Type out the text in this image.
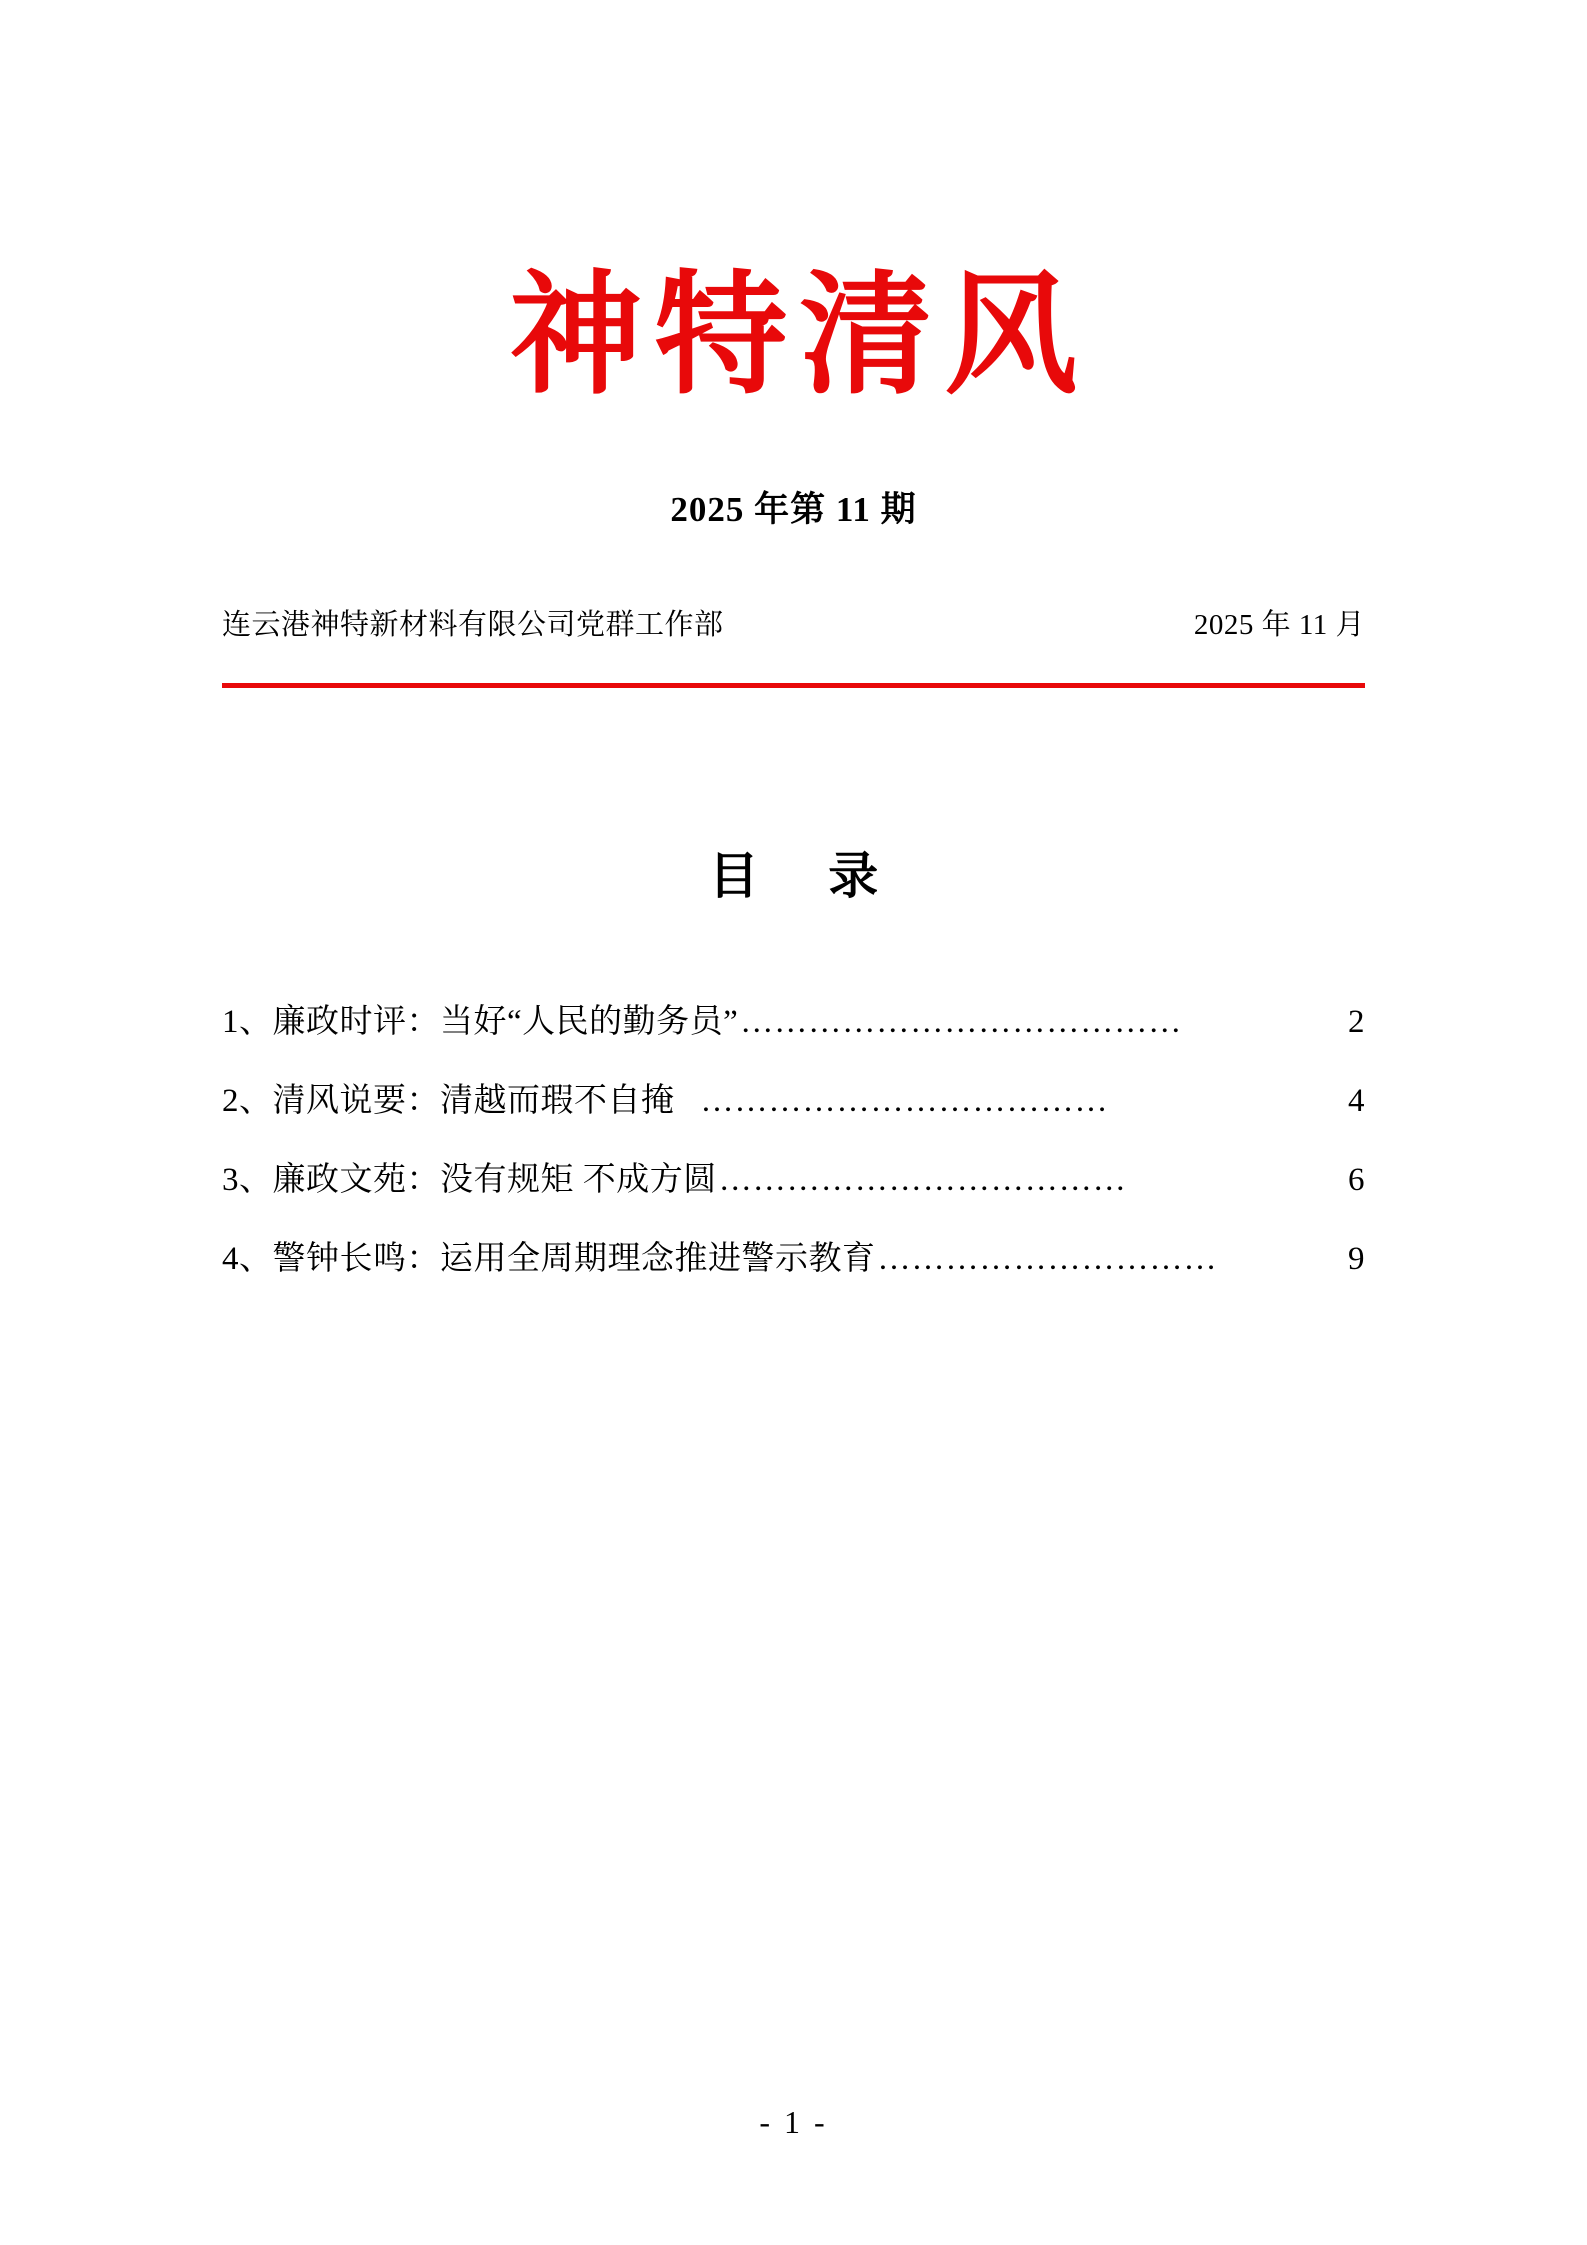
神特清风

2025 年第 11 期

连云港神特新材料有限公司党群工作部	2025 年 11 月
目 录
1、廉政时评：当好“人民的勤务员” …………………………………	2
2、清风说要：清越而瑕不自掩 ………………………………	4
3、廉政文苑：没有规矩 不成方圆 ………………………………	6
4、警钟长鸣：运用全周期理念推进警示教育 …………………………	9
- 1 -
